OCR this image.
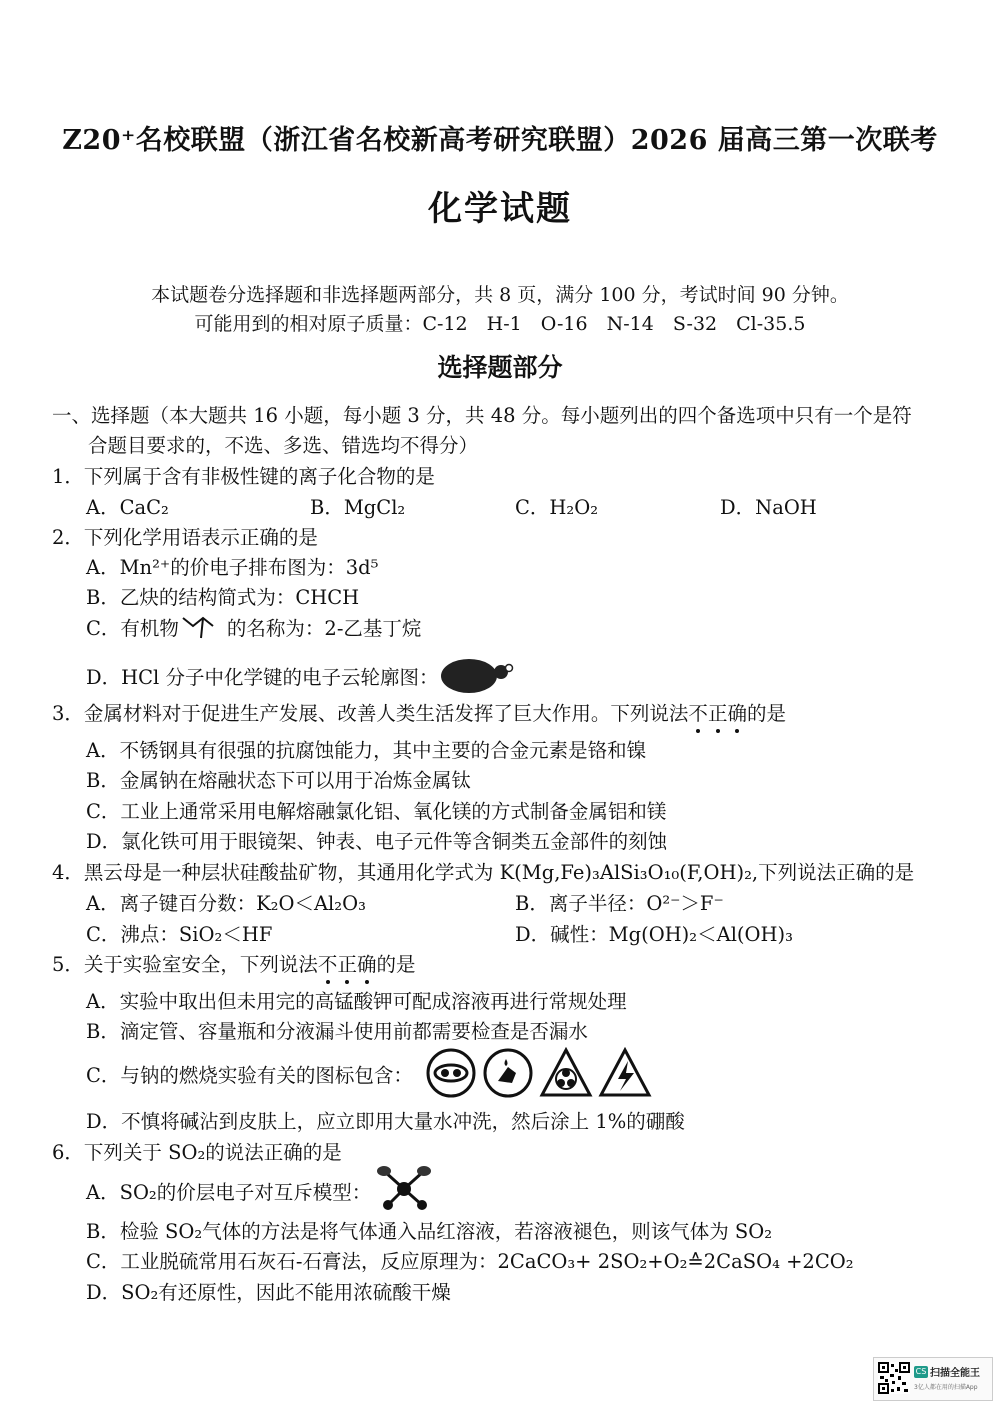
Z20⁺名校联盟（浙江省名校新高考研究联盟）2026 届高三第一次联考
化学试题
本试题卷分选择题和非选择题两部分，共 8 页，满分 100 分，考试时间 90 分钟。
可能用到的相对原子质量：C-12　H-1　O-16　N-14　S-32　Cl-35.5
选择题部分
一、选择题（本大题共 16 小题，每小题 3 分，共 48 分。每小题列出的四个备选项中只有一个是符
合题目要求的，不选、多选、错选均不得分）
1．下列属于含有非极性键的离子化合物的是
A．CaC₂	B．MgCl₂	C．H₂O₂	D．NaOH
2．下列化学用语表示正确的是
A．Mn²⁺的价电子排布图为：3d⁵
B．乙炔的结构简式为：CHCH
C．有机物 的名称为：2-乙基丁烷
D．HCl 分子中化学键的电子云轮廓图：
3．金属材料对于促进生产发展、改善人类生活发挥了巨大作用。下列说法不正确的是
A．不锈钢具有很强的抗腐蚀能力，其中主要的合金元素是铬和镍
B．金属钠在熔融状态下可以用于冶炼金属钛
C．工业上通常采用电解熔融氯化铝、氧化镁的方式制备金属铝和镁
D．氯化铁可用于眼镜架、钟表、电子元件等含铜类五金部件的刻蚀
4．黑云母是一种层状硅酸盐矿物，其通用化学式为 K(Mg,Fe)₃AlSi₃O₁₀(F,OH)₂,下列说法正确的是
A．离子键百分数：K₂O＜Al₂O₃	B．离子半径：O²⁻＞F⁻
C．沸点：SiO₂＜HF	D．碱性：Mg(OH)₂＜Al(OH)₃
5．关于实验室安全，下列说法不正确的是
A．实验中取出但未用完的高锰酸钾可配成溶液再进行常规处理
B．滴定管、容量瓶和分液漏斗使用前都需要检查是否漏水
C．与钠的燃烧实验有关的图标包含：

D．不慎将碱沾到皮肤上，应立即用大量水冲洗，然后涂上 1%的硼酸
6．下列关于 SO₂的说法正确的是
A．SO₂的价层电子对互斥模型：
B．检验 SO₂气体的方法是将气体通入品红溶液，若溶液褪色，则该气体为 SO₂
C．工业脱硫常用石灰石-石膏法，反应原理为：2CaCO₃+ 2SO₂+O₂≙2CaSO₄ +2CO₂
D．SO₂有还原性，因此不能用浓硫酸干燥
CS 扫描全能王
3亿人都在用的扫描App
